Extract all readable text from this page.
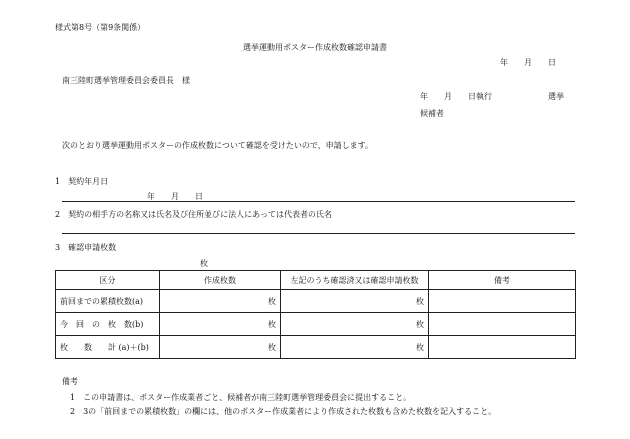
様式第8号（第9条関係）
選挙運動用ポスター作成枚数確認申請書
年　　月　　日
南三陸町選挙管理委員会委員長　様
年　　月　　日執行　　　　　　　選挙
候補者
次のとおり選挙運動用ポスターの作成枚数について確認を受けたいので、申請します。
1　契約年月日
年　　月　　日
2　契約の相手方の名称又は氏名及び住所並びに法人にあっては代表者の氏名
3　確認申請枚数
枚
区分	作成枚数	左記のうち確認済又は確認申請枚数	備考
前回までの累積枚数(a)	枚	枚	
今　回　の　枚　数(b)	枚	枚	
枚　　数　　計 (a)＋(b)	枚	枚	
備考
1　この申請書は、ポスター作成業者ごと、候補者が南三陸町選挙管理委員会に提出すること。
2　3の「前回までの累積枚数」の欄には、他のポスター作成業者により作成された枚数も含めた枚数を記入すること。
